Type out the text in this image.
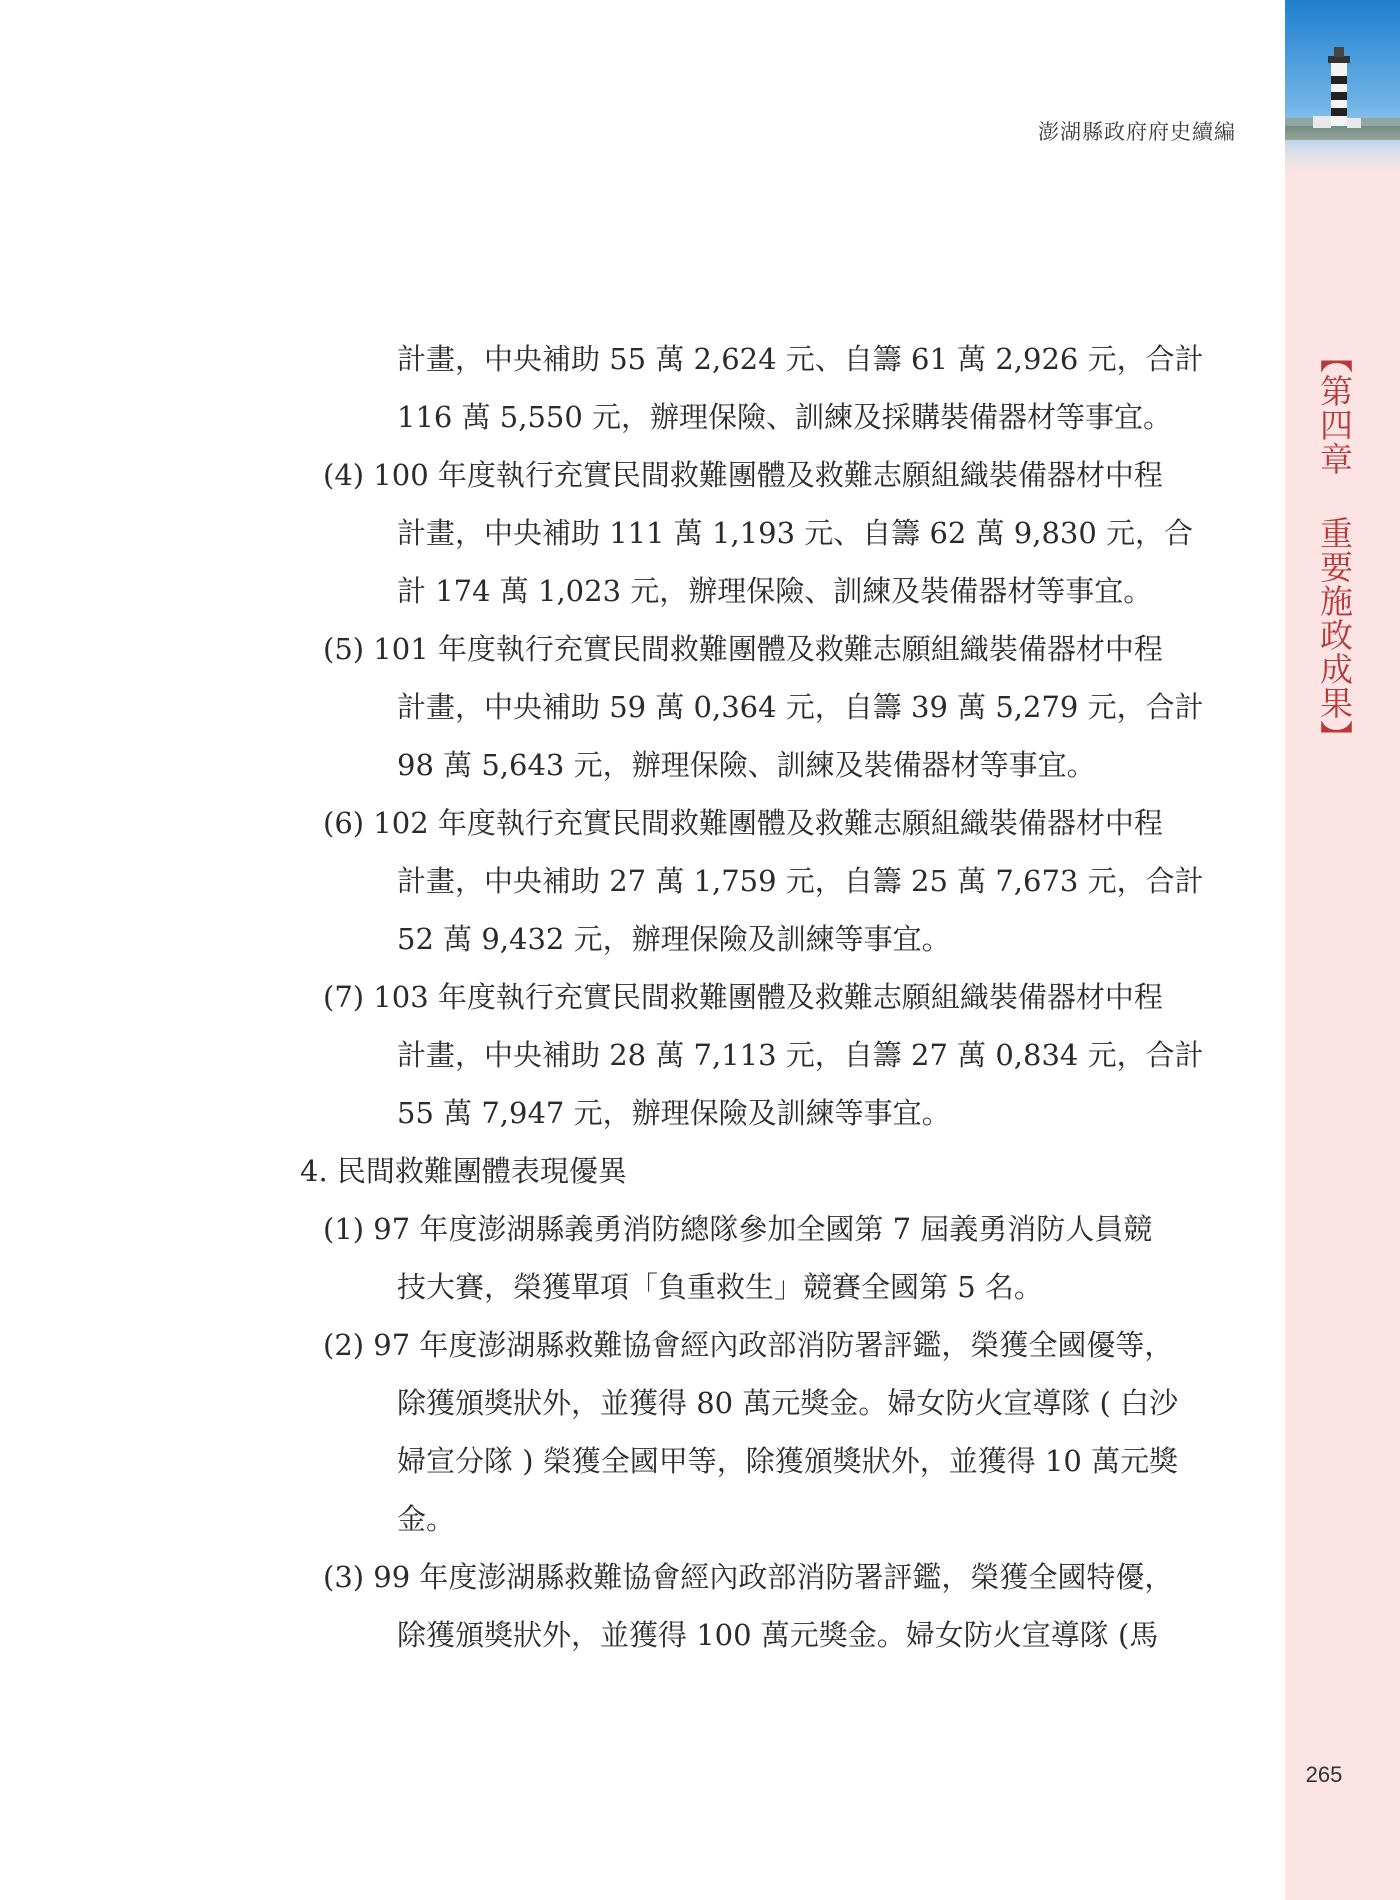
【第四章 重要施政成果】
265
澎湖縣政府府史續編
計畫，中央補助 55 萬 2,624 元、自籌 61 萬 2,926 元，合計
116 萬 5,550 元，辦理保險、訓練及採購裝備器材等事宜。
(4) 100 年度執行充實民間救難團體及救難志願組織裝備器材中程
計畫，中央補助 111 萬 1,193 元、自籌 62 萬 9,830 元，合
計 174 萬 1,023 元，辦理保險、訓練及裝備器材等事宜。
(5) 101 年度執行充實民間救難團體及救難志願組織裝備器材中程
計畫，中央補助 59 萬 0,364 元，自籌 39 萬 5,279 元，合計
98 萬 5,643 元，辦理保險、訓練及裝備器材等事宜。
(6) 102 年度執行充實民間救難團體及救難志願組織裝備器材中程
計畫，中央補助 27 萬 1,759 元，自籌 25 萬 7,673 元，合計
52 萬 9,432 元，辦理保險及訓練等事宜。
(7) 103 年度執行充實民間救難團體及救難志願組織裝備器材中程
計畫，中央補助 28 萬 7,113 元，自籌 27 萬 0,834 元，合計
55 萬 7,947 元，辦理保險及訓練等事宜。
4. 民間救難團體表現優異
(1) 97 年度澎湖縣義勇消防總隊參加全國第 7 屆義勇消防人員競
技大賽，榮獲單項「負重救生」競賽全國第 5 名。
(2) 97 年度澎湖縣救難協會經內政部消防署評鑑，榮獲全國優等，
除獲頒獎狀外，並獲得 80 萬元獎金。婦女防火宣導隊 ( 白沙
婦宣分隊 ) 榮獲全國甲等，除獲頒獎狀外，並獲得 10 萬元獎
金。
(3) 99 年度澎湖縣救難協會經內政部消防署評鑑，榮獲全國特優，
除獲頒獎狀外，並獲得 100 萬元獎金。婦女防火宣導隊 (馬
